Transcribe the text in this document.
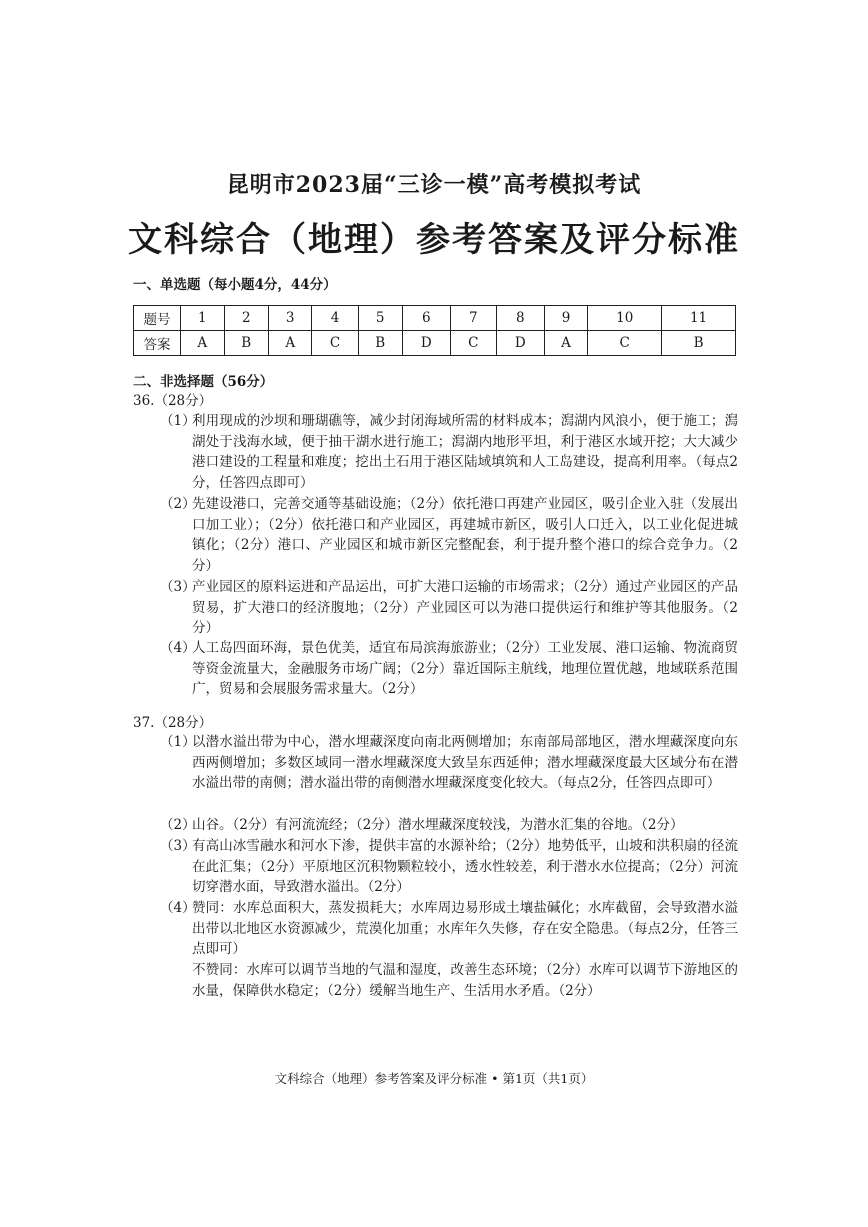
昆明市2023届“三诊一模”高考模拟考试
文科综合（地理）参考答案及评分标准
一、单选题（每小题4分，44分）
题号	1	2	3	4	5	6	7	8	9	10	11
答案	A	B	A	C	B	D	C	D	A	C	B
二、非选择题（56分）
36.（28分）
（1）
利用现成的沙坝和珊瑚礁等，减少封闭海域所需的材料成本；澙湖内风浪小，便于施工；澙湖处于浅海水域，便于抽干湖水进行施工；澙湖内地形平坦，利于港区水域开挖；大大减少港口建设的工程量和难度；挖出土石用于港区陆域填筑和人工岛建设，提高利用率。（每点2分，任答四点即可）
（2）
先建设港口，完善交通等基础设施；（2分）依托港口再建产业园区，吸引企业入驻（发展出口加工业）；（2分）依托港口和产业园区，再建城市新区，吸引人口迁入，以工业化促进城镇化；（2分）港口、产业园区和城市新区完整配套，利于提升整个港口的综合竞争力。（2分）
（3）
产业园区的原料运进和产品运出，可扩大港口运输的市场需求；（2分）通过产业园区的产品贸易，扩大港口的经济腹地；（2分）产业园区可以为港口提供运行和维护等其他服务。（2分）
（4）
人工岛四面环海，景色优美，适宜布局滨海旅游业；（2分）工业发展、港口运输、物流商贸等资金流量大，金融服务市场广阔；（2分）靠近国际主航线，地理位置优越，地域联系范围广，贸易和会展服务需求量大。（2分）
37.（28分）
（1）
以潜水溢出带为中心，潜水埋藏深度向南北两侧增加；东南部局部地区，潜水埋藏深度向东西两侧增加；多数区域同一潜水埋藏深度大致呈东西延伸；潜水埋藏深度最大区域分布在潜水溢出带的南侧；潜水溢出带的南侧潜水埋藏深度变化较大。（每点2分，任答四点即可）
（2）
山谷。（2分）有河流流经；（2分）潜水埋藏深度较浅，为潜水汇集的谷地。（2分）
（3）
有高山冰雪融水和河水下渗，提供丰富的水源补给；（2分）地势低平，山坡和洪积扇的径流在此汇集；（2分）平原地区沉积物颗粒较小，透水性较差，利于潜水水位提高；（2分）河流切穿潜水面，导致潜水溢出。（2分）
（4）
赞同：水库总面积大，蒸发损耗大；水库周边易形成土壤盐碱化；水库截留，会导致潜水溢出带以北地区水资源减少，荒漠化加重；水库年久失修，存在安全隐患。（每点2分，任答三点即可）
不赞同：水库可以调节当地的气温和湿度，改善生态环境；（2分）水库可以调节下游地区的水量，保障供水稳定；（2分）缓解当地生产、生活用水矛盾。（2分）
文科综合（地理）参考答案及评分标准 • 第1页（共1页）
